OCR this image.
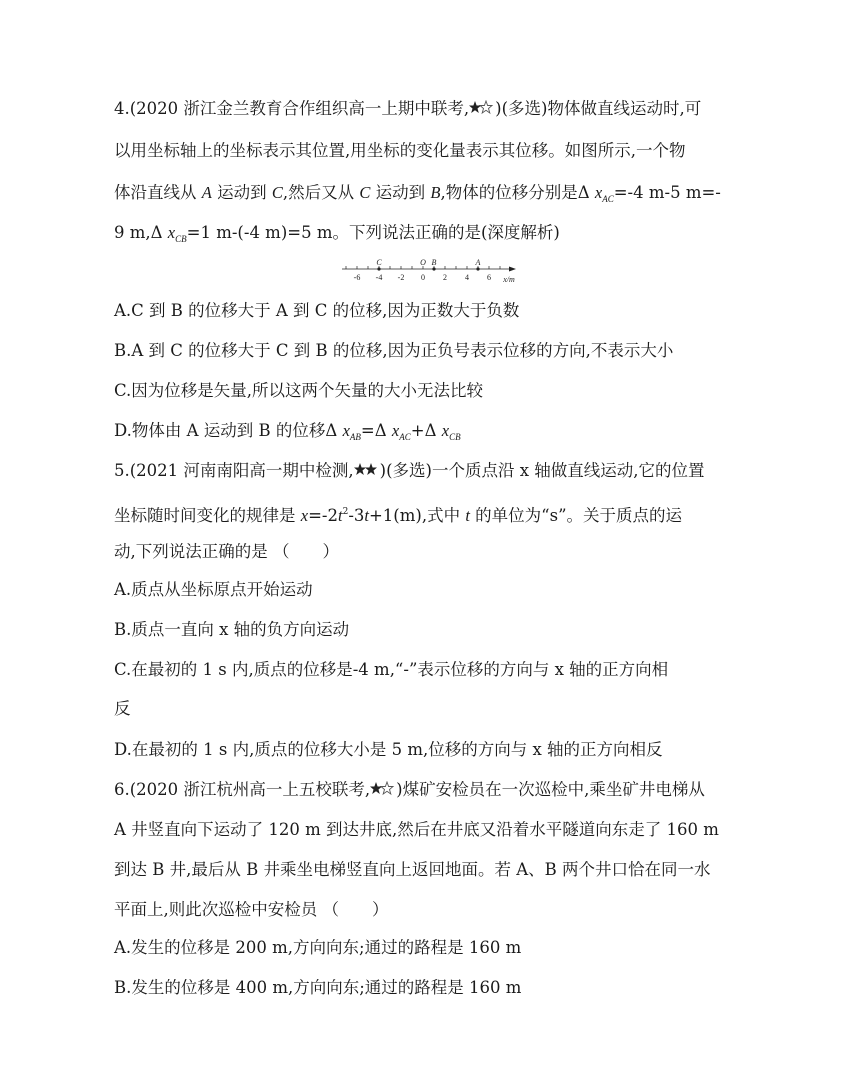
4.(2020 浙江金兰教育合作组织高一上期中联考, )(多选)物体做直线运动时,可
以用坐标轴上的坐标表示其位置,用坐标的变化量表示其位移。如图所示,一个物
体沿直线从 A 运动到 C,然后又从 C 运动到 B,物体的位移分别是Δ $x_{AC}=-4$ m-5 m=-
9 m,Δ $x_{CB}=1$ m-(-4 m)=5 m。下列说法正确的是(深度解析)
C	O B	A
-6 -4 -2 0 2 4 6 x/m
A.C 到 B 的位移大于 A 到 C 的位移,因为正数大于负数
B.A 到 C 的位移大于 C 到 B 的位移,因为正负号表示位移的方向,不表示大小
C.因为位移是矢量,所以这两个矢量的大小无法比较
D.物体由 A 运动到 B 的位移Δ $x_{AB}=\Delta$ $x_{AC}+\Delta$ $x_{CB}$
5.(2021 河南南阳高一期中检测, )(多选)一个质点沿 x 轴做直线运动,它的位置
坐标随时间变化的规律是 $x=-2t^2-3t+1(m)$,式中 t 的单位为“s”。关于质点的运
动,下列说法正确的是 （　　）
A.质点从坐标原点开始运动
B.质点一直向 x 轴的负方向运动
C.在最初的 1 s 内,质点的位移是-4 m,“-”表示位移的方向与 x 轴的正方向相
反
D.在最初的 1 s 内,质点的位移大小是 5 m,位移的方向与 x 轴的正方向相反
6.(2020 浙江杭州高一上五校联考, )煤矿安检员在一次巡检中,乘坐矿井电梯从
A 井竖直向下运动了 120 m 到达井底,然后在井底又沿着水平隧道向东走了 160 m
到达 B 井,最后从 B 井乘坐电梯竖直向上返回地面。若 A、B 两个井口恰在同一水
平面上,则此次巡检中安检员 （　　）
A.发生的位移是 200 m,方向向东;通过的路程是 160 m
B.发生的位移是 400 m,方向向东;通过的路程是 160 m
